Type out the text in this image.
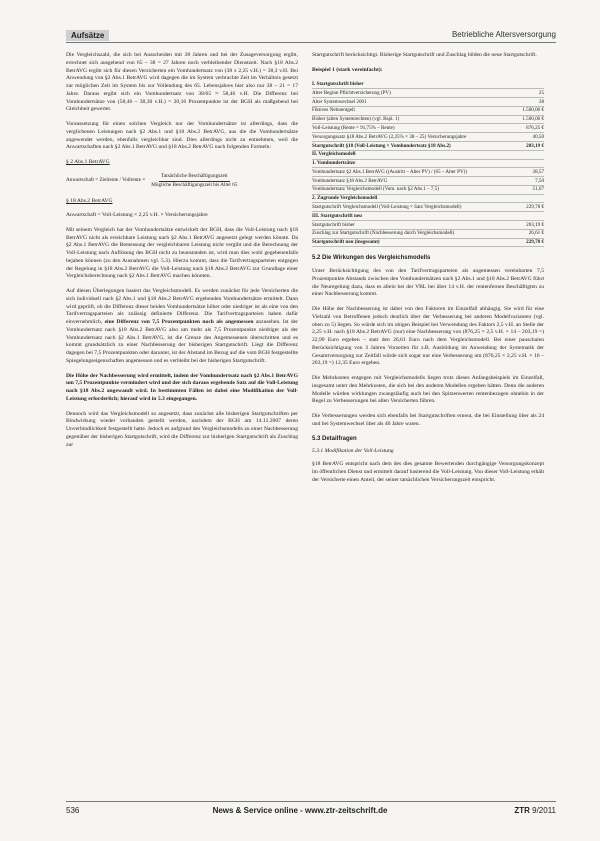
Aufsätze	Betriebliche Altersversorgung

Die Vergleichszahl, die sich bei Ausscheiden mit 38 Jahren und bei der Zusageversorgung ergibt, errechnet sich ausgehend von 65 – 38 = 27 Jahren noch verbleibender Dienstzeit. Nach §18 Abs.2 BetrAVG ergibt sich für diesen Versicherten ein Vomhundertsatz von (38 x 2,25 v.H.) = 38,3 v.H. Bei Anwendung von §2 Abs.1 BetrAVG wird dagegen die im System verbrachte Zeit im Verhältnis gesetzt zur möglichen Zeit im System bis zur Vollendung des 65. Lebensjahres hier also nur 38 – 21 = 17 Jahre. Daraus ergibt sich ein Vomhundertsatz von 38/65 ≈ 58,46 v.H. Die Differenz bei Vomhundertsätze von (58,46 – 38,30 v.H.) = 20,16 Prozentpunkte ist der BGH als maßgebend bei Gleichheit gewertet.

Voraussetzung für einen solchen Vergleich nur der Vomhundertsätze ist allerdings, dass die verglichenen Leistungen nach §2 Abs.1 und §18 Abs.2 BetrAVG, aus die die Vomhundertsätze angewendet werden, ebenfalls vergleichbar sind. Dies allerdings nicht zu entnehmen, weil die Anwartschaften nach §2 Abs.1 BetrAVG und §18 Abs.2 BetrAVG nach folgenden Formeln:

§ 2 Abs.1 BetrAVG
Anwartschaft = Zielrente / Vollrente × $\frac{\text{Tatsächliche Beschäftigungszeit}}{\text{Mögliche Beschäftigungszeit bis Alter 65}}$
§ 18 Abs.2 BetrAVG

Anwartschaft = Voll-Leistung × 2,25 v.H. × Versicherungsjahre

Mit seinem Vergleich hat der Vomhundertsätze entwickelt der BGH, dass die Voll-Leistung nach §18 BetrAVG nicht als erreichbare Leistung nach §2 Abs.1 BetrAVG angesetzt gelegt werden könnte. Da §2 Abs.1 BetrAVG die Bemessung der vergleichbaren Leistung nicht vergibt und die Berechnung der Voll-Leistung nach Auflösung des BGH nicht zu beanstanden ist, wird man dies wohl gegebenenfalls bejahen können (zu den Ausnahmen vgl. 5.3). Hierzu kommt, dass die Tarifvertragsparteien entgegen der Regelung in §18 Abs.2 BetrAVG die Voll-Leistung nach §18 Abs.2 BetrAVG zur Grundlage einer Vergleichsberechnung nach §2 Abs.1 BetrAVG machen könnten.

Auf diesen Überlegungen basiert das Vergleichsmodell. Es werden zunächst für jede Versicherten die sich individuell nach §2 Abs.1 und §18 Abs.2 BetrAVG ergebenden Vomhundertsätze ermittelt. Dann wird geprüft, ob die Differenz dieser beiden Vomhundertsätze höher oder niedriger ist als eine von den Tarifvertragsparteien als zulässig definierte Differenz. Die Tarifvertragsparteien haben dafür einvernehmlich, eine Differenz von 7,5 Prozentpunkten noch als angemessen anzusehen. Ist der Vomhundertsatz nach §18 Abs.2 BetrAVG also um mehr als 7,5 Prozentpunkte niedriger als der Vomhundertsatz nach §2 Abs.1 BetrAVG, ist die Grenze des Angemessenen überschritten und es kommt grundsätzlich zu einer Nachbesserung der bisherigen Startgutschrift. Liegt die Differenz dagegen bei 7,5 Prozentpunkten oder darunter, ist der Abstand im Bezug auf die vom BGH festgestellte Spiegelungseigenschaften angemessen und es verbleibt bei der bisherigen Startgutschrift.

Die Höhe der Nachbesserung wird ermittelt, indem der Vomhundertsatz nach §2 Abs.1 BetrAVG um 7,5 Prozentpunkte vermindert wird und der sich daraus ergebende Satz auf die Voll-Leistung nach §18 Abs.2 angewandt wird. In bestimmten Fällen ist dabei eine Modifikation der Voll-Leistung erforderlich; hierauf wird in 5.3 eingegangen.

Dennoch wird das Vergleichsmodell so angesetzt, dass zunächst alle bisherigen Startgutschriften per Bindwirkung wieder vorhanden gestellt werden, nachdem der BGH am 14.11.2007 deren Unverbindlichkeit festgestellt hatte. Jedoch es aufgrund des Vergleichsmodells zu einer Nachbesserung gegenüber der bisherigen Startgutschrift, wird die Differenz zur bisherigen Startgutschrift als Zuschlag zur

Startgutschrift berücksichtigt. Bisherige Startgutschrift und Zuschlag bilden die neue Startgutschrift.

Beispiel 1 (stark vereinfacht):
I. Startgutschrift bisher	
Alter Beginn Pflichtversicherung (PV)	25
Alter Systemwechsel 2001	38
Fiktives Nettoentgelt	1.500,00 €
Bisher (alten Systemrechten) (vgl. Bspl. 1)	1.500,00 €
Voll-Leistung (Rente = 91,75% – Rente)	876,25 €
Versorgungssatz §18 Abs.2 BetrAVG (2,25% × 38 – 25) Versicherungsjahre	40,50
Startgutschrift §18 (Voll-Leistung × Vomhundertsatz §18 Abs.2)	203,19 €
II. Vergleichsmodell	
1. Vomhundertsätze	
Vomhundertsatz §2 Abs.1 BetrAVG ((Austritt – Alter PV) / (65 – Alter PV))	38,57
Vomhundertsatz §18 Abs.2 BetrAVG	7,50
Vomhundertsatz Vergleichsmodell (Vom. nach §2 Abs.1 – 7,5)	51,07
2. Zugrunde Vergleichsmodell	
Startgutschrift Vergleichsmodell (Voll-Leistung × Satz Vergleichsmodell)	229,78 €
III. Startgutschrift neu	
Startgutschrift bisher	203,19 €
Zuschlag zur Startgutschrift (Nachbesserung durch Vergleichsmodell)	26,61 €
Startgutschrift neu (insgesamt)	229,78 €
5.2 Die Wirkungen des Vergleichsmodells

Unter Berücksichtigung des von den Tarifvertragsparteien als angemessen vereinbarten 7,5 Prozentpunkte Abstands zwischen den Vomhundertsätzen nach §2 Abs.1 und §18 Abs.2 BetrAVG führt die Neuregelung dazu, dass es allein bei der VBL bei über 14 v.H. der rentenfernen Beschäftigten zu einer Nachbesserung kommt.

Die Höhe der Nachbesserung ist dabei von den Faktoren im Einzelfall abhängig. Sie wird für eine Vielzahl von Betroffenen jedoch deutlich über der Verbesserung bei anderen Modellvarianten (vgl. oben zu 5) liegen. So würde sich im obigen Beispiel bei Verwendung des Faktors 2,5 v.H. an Stelle der 2,25 v.H. nach §18 Abs.2 BetrAVG (nur) eine Nachbesserung von (876,25 × 2,5 v.H. × 14 – 203,19 =) 22,99 Euro ergeben – statt den 26,61 Euro nach dem Vergleichsmodell. Bei einer pauschalen Berücksichtigung von 3 Jahren Vorzeiten für z.B. Ausbildung im Anwendung der Systematik der Gesamtversorgung zur Zeitfall würde sich sogar nur eine Verbesserung um (876,25 × 2,25 v.H. × 16 – 203,19 =) 12,35 Euro ergeben.

Die Mehrkosten entgegen mit Vergleichsmodells liegen trotz dieses Anfangsbeispiels im Einzelfall, insgesamt unter den Mehrkosten, die sich bei den anderen Modellen ergeben hätten. Denn die anderen Modelle würden wirklungen zwangsläufig auch bei den Spitzenwerten rentenbezogen ohnehin in der Regel zu Verbesserungen bei allen Versicherten führen.

Die Verbesserungen werden sich ebenfalls bei Startgutschriften erneut, die bei Einstellung über als 24 und bei Systemwechsel über als 40 Jahre waren.

5.3 Detailfragen
5.3.1 Modifikation der Voll-Leistung

§18 BetrAVG entspricht nach dem des dies gesamte Bewertenden durchgängige Versorgungskonzept im öffentlichen Dienst und ermittelt darauf basierend die Voll-Leistung. Von dieser Voll-Leistung erhält der Versicherte einen Anteil, der seiner tatsächlichen Versicherungszeit entspricht.

536	News & Service online - www.ztr-zeitschrift.de	ZTR 9/2011
